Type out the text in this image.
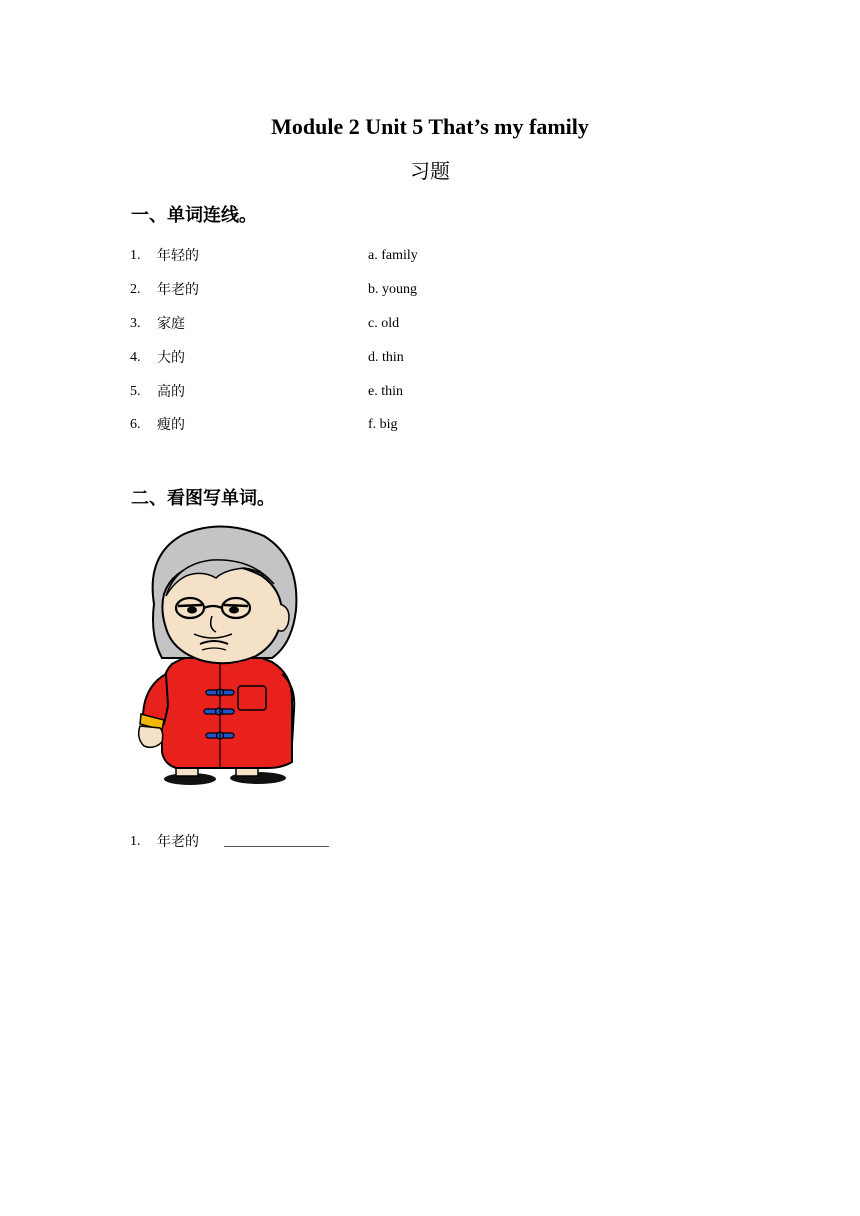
Module 2 Unit 5 That’s my family
习题
一、单词连线。
1. 年轻的	a. family
2. 年老的	b. young
3. 家庭	c. old
4. 大的	d. thin
5. 高的	e. thin
6. 瘦的	f. big
二、看图写单词。
1. 年老的 _______________
